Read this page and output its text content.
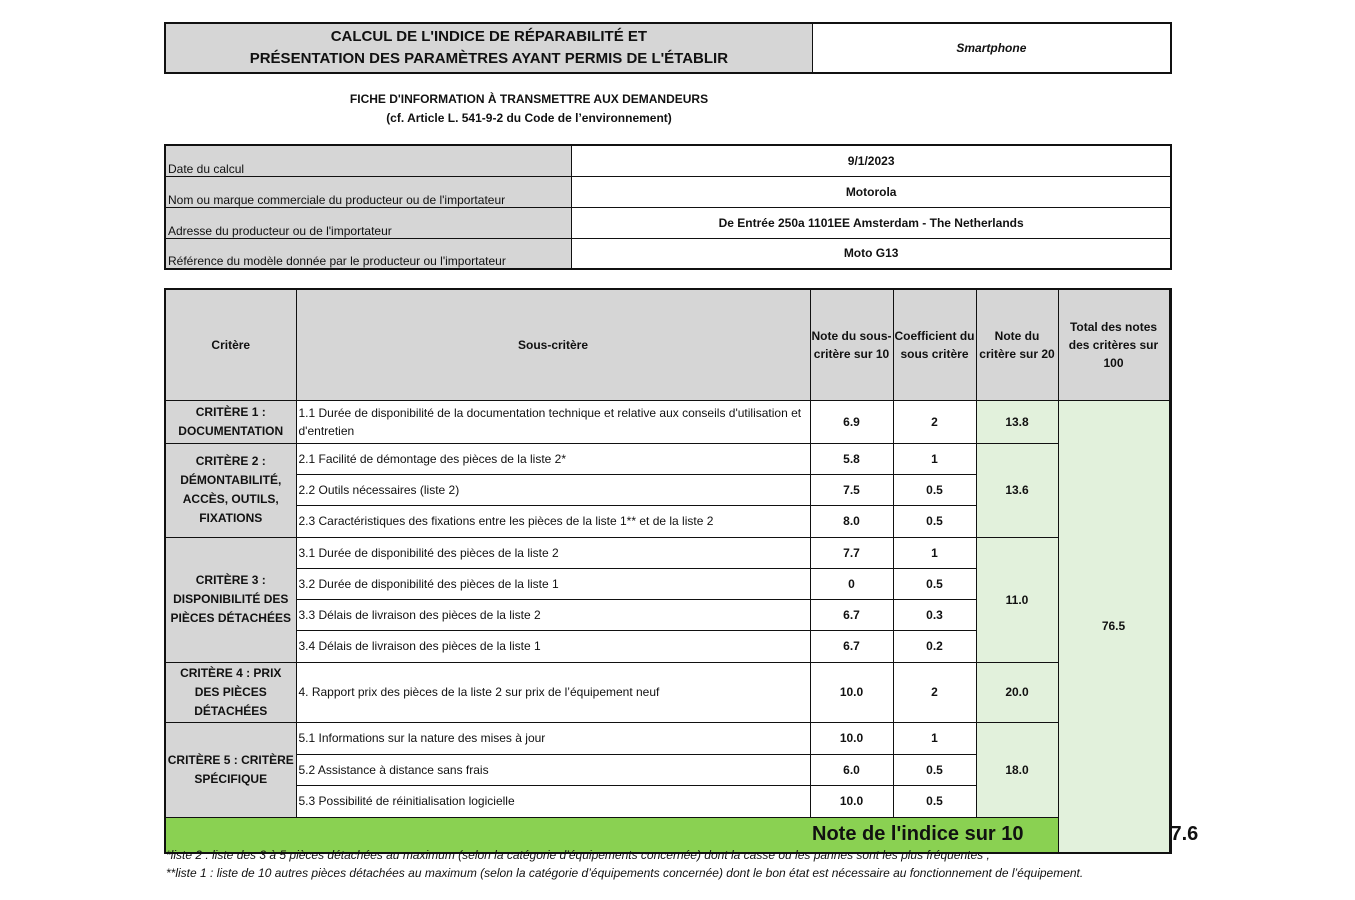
CALCUL DE L'INDICE DE RÉPARABILITÉ ET
PRÉSENTATION DES PARAMÈTRES AYANT PERMIS DE L'ÉTABLIR
	Smartphone
FICHE D'INFORMATION À TRANSMETTRE AUX DEMANDEURS
(cf. Article L. 541-9-2 du Code de l’environnement)
Date du calcul	9/1/2023
Nom ou marque commerciale du producteur ou de l'importateur	Motorola
Adresse du producteur ou de l'importateur	De Entrée 250a 1101EE Amsterdam - The Netherlands
Référence du modèle donnée par le producteur ou l'importateur	Moto G13
Critère	Sous-critère	Note du sous-critère sur 10	Coefficient du sous critère	Note du critère sur 20	Total des notes des critères sur 100	
CRITÈRE 1 : DOCUMENTATION	1.1 Durée de disponibilité de la documentation technique et relative aux conseils d'utilisation et d'entretien	6.9	2	13.8	76.5	
CRITÈRE 2 : DÉMONTABILITÉ, ACCÈS, OUTILS, FIXATIONS	2.1 Facilité de démontage des pièces de la liste 2*	5.8	1	13.6		
	2.2 Outils nécessaires (liste 2)	7.5	0.5			
	2.3 Caractéristiques des fixations entre les pièces de la liste 1** et de la liste 2	8.0	0.5			
CRITÈRE 3 : DISPONIBILITÉ DES PIÈCES DÉTACHÉES	3.1 Durée de disponibilité des pièces de la liste 2	7.7	1	11.0		
	3.2 Durée de disponibilité des pièces de la liste 1	0	0.5			
	3.3 Délais de livraison des pièces de la liste 2	6.7	0.3			
	3.4 Délais de livraison des pièces de la liste 1	6.7	0.2			
CRITÈRE 4 : PRIX DES PIÈCES DÉTACHÉES	4. Rapport prix des pièces de la liste 2 sur prix de l’équipement neuf	10.0	2	20.0		
CRITÈRE 5 : CRITÈRE SPÉCIFIQUE	5.1 Informations sur la nature des mises à jour	10.0	1	18.0		
	5.2 Assistance à distance sans frais	6.0	0.5			
	5.3 Possibilité de réinitialisation logicielle	10.0	0.5			
Note de l'indice sur 10						7.6
*liste 2 : liste des 3 à 5 pièces détachées au maximum (selon la catégorie d’équipements concernée) dont la casse ou les pannes sont les plus fréquentes ;
**liste 1 : liste de 10 autres pièces détachées au maximum (selon la catégorie d’équipements concernée) dont le bon état est nécessaire au fonctionnement de l’équipement.
